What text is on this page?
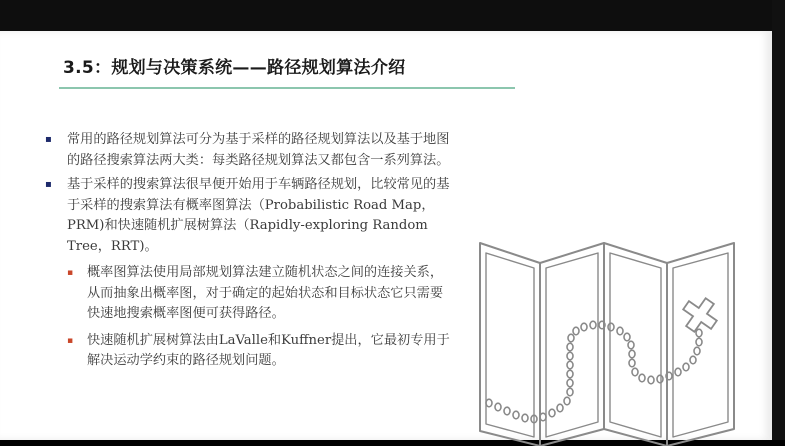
3.5：规划与决策系统——路径规划算法介绍
▪ 常用的路径规划算法可分为基于采样的路径规划算法以及基于地图的路径搜索算法两大类：每类路径规划算法又都包含一系列算法。
▪ 基于采样的搜索算法很早便开始用于车辆路径规划，比较常见的基于采样的搜索算法有概率图算法（Probabilistic Road Map，PRM)和快速随机扩展树算法（Rapidly-exploring Random Tree，RRT)。
▪ 概率图算法使用局部规划算法建立随机状态之间的连接关系，从而抽象出概率图，对于确定的起始状态和目标状态它只需要快速地搜索概率图便可获得路径。
▪ 快速随机扩展树算法由LaValle和Kuffner提出，它最初专用于解决运动学约束的路径规划问题。
